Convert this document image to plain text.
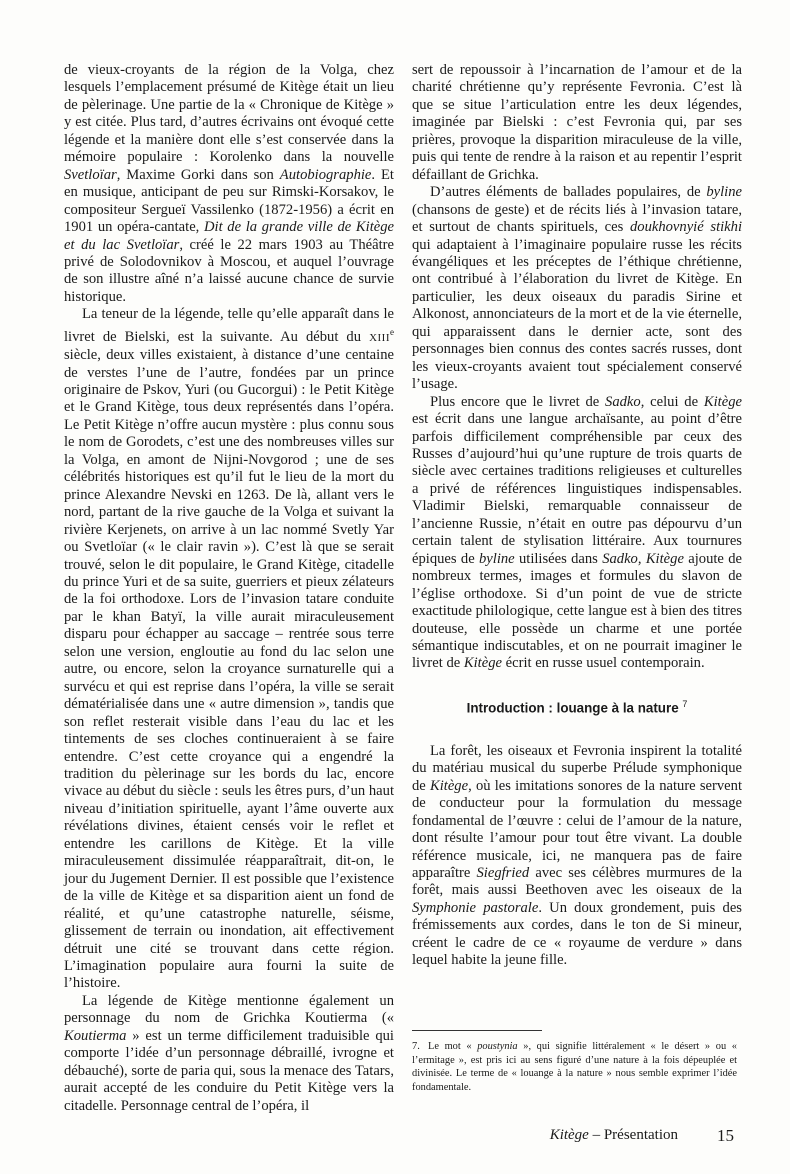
de vieux-croyants de la région de la Volga, chez lesquels l’emplacement présumé de Kitège était un lieu de pèlerinage. Une partie de la « Chronique de Kitège » y est citée. Plus tard, d’autres écrivains ont évoqué cette légende et la manière dont elle s’est conservée dans la mémoire populaire : Korolenko dans la nouvelle Svetloïar, Maxime Gorki dans son Autobiographie. Et en musique, anticipant de peu sur Rimski-Korsakov, le compositeur Sergueï Vassilenko (1872-1956) a écrit en 1901 un opéra-cantate, Dit de la grande ville de Kitège et du lac Svetloïar, créé le 22 mars 1903 au Théâtre privé de Solodovnikov à Moscou, et auquel l’ouvrage de son illustre aîné n’a laissé aucune chance de survie historique.

La teneur de la légende, telle qu’elle apparaît dans le livret de Bielski, est la suivante. Au début du XIIIe siècle, deux villes existaient, à distance d’une centaine de verstes l’une de l’autre, fondées par un prince originaire de Pskov, Yuri (ou Gucorgui) : le Petit Kitège et le Grand Kitège, tous deux représentés dans l’opéra. Le Petit Kitège n’offre aucun mystère : plus connu sous le nom de Gorodets, c’est une des nombreuses villes sur la Volga, en amont de Nijni-Novgorod ; une de ses célébrités historiques est qu’il fut le lieu de la mort du prince Alexandre Nevski en 1263. De là, allant vers le nord, partant de la rive gauche de la Volga et suivant la rivière Kerjenets, on arrive à un lac nommé Svetly Yar ou Svetloïar (« le clair ravin »). C’est là que se serait trouvé, selon le dit populaire, le Grand Kitège, citadelle du prince Yuri et de sa suite, guerriers et pieux zélateurs de la foi orthodoxe. Lors de l’invasion tatare conduite par le khan Batyï, la ville aurait miraculeusement disparu pour échapper au saccage – rentrée sous terre selon une version, engloutie au fond du lac selon une autre, ou encore, selon la croyance surnaturelle qui a survécu et qui est reprise dans l’opéra, la ville se serait dématérialisée dans une « autre dimension », tandis que son reflet resterait visible dans l’eau du lac et les tintements de ses cloches continueraient à se faire entendre. C’est cette croyance qui a engendré la tradition du pèlerinage sur les bords du lac, encore vivace au début du siècle : seuls les êtres purs, d’un haut niveau d’initiation spirituelle, ayant l’âme ouverte aux révélations divines, étaient censés voir le reflet et entendre les carillons de Kitège. Et la ville miraculeusement dissimulée réapparaîtrait, dit-on, le jour du Jugement Dernier. Il est possible que l’existence de la ville de Kitège et sa disparition aient un fond de réalité, et qu’une catastrophe naturelle, séisme, glissement de terrain ou inondation, ait effectivement détruit une cité se trouvant dans cette région. L’imagination populaire aura fourni la suite de l’histoire.

La légende de Kitège mentionne également un personnage du nom de Grichka Koutierma (« Koutierma » est un terme difficilement traduisible qui comporte l’idée d’un personnage débraillé, ivrogne et débauché), sorte de paria qui, sous la menace des Tatars, aurait accepté de les conduire du Petit Kitège vers la citadelle. Personnage central de l’opéra, il

sert de repoussoir à l’incarnation de l’amour et de la charité chrétienne qu’y représente Fevronia. C’est là que se situe l’articulation entre les deux légendes, imaginée par Bielski : c’est Fevronia qui, par ses prières, provoque la disparition miraculeuse de la ville, puis qui tente de rendre à la raison et au repentir l’esprit défaillant de Grichka.

D’autres éléments de ballades populaires, de byline (chansons de geste) et de récits liés à l’invasion tatare, et surtout de chants spirituels, ces doukhovnyié stikhi qui adaptaient à l’imaginaire populaire russe les récits évangéliques et les préceptes de l’éthique chrétienne, ont contribué à l’élaboration du livret de Kitège. En particulier, les deux oiseaux du paradis Sirine et Alkonost, annonciateurs de la mort et de la vie éternelle, qui apparaissent dans le dernier acte, sont des personnages bien connus des contes sacrés russes, dont les vieux-croyants avaient tout spécialement conservé l’usage.

Plus encore que le livret de Sadko, celui de Kitège est écrit dans une langue archaïsante, au point d’être parfois difficilement compréhensible par ceux des Russes d’aujourd’hui qu’une rupture de trois quarts de siècle avec certaines traditions religieuses et culturelles a privé de références linguistiques indispensables. Vladimir Bielski, remarquable connaisseur de l’ancienne Russie, n’était en outre pas dépourvu d’un certain talent de stylisation littéraire. Aux tournures épiques de byline utilisées dans Sadko, Kitège ajoute de nombreux termes, images et formules du slavon de l’église orthodoxe. Si d’un point de vue de stricte exactitude philologique, cette langue est à bien des titres douteuse, elle possède un charme et une portée sémantique indiscutables, et on ne pourrait imaginer le livret de Kitège écrit en russe usuel contemporain.

Introduction : louange à la nature $^7$

La forêt, les oiseaux et Fevronia inspirent la totalité du matériau musical du superbe Prélude symphonique de Kitège, où les imitations sonores de la nature servent de conducteur pour la formulation du message fondamental de l’œuvre : celui de l’amour de la nature, dont résulte l’amour pour tout être vivant. La double référence musicale, ici, ne manquera pas de faire apparaître Siegfried avec ses célèbres murmures de la forêt, mais aussi Beethoven avec les oiseaux de la Symphonie pastorale. Un doux grondement, puis des frémissements aux cordes, dans le ton de Si mineur, créent le cadre de ce « royaume de verdure » dans lequel habite la jeune fille.

7. Le mot « poustynia », qui signifie littéralement « le désert » ou « l’ermitage », est pris ici au sens figuré d’une nature à la fois dépeuplée et divinisée. Le terme de « louange à la nature » nous semble exprimer l’idée fondamentale.
Kitège – Présentation 15
